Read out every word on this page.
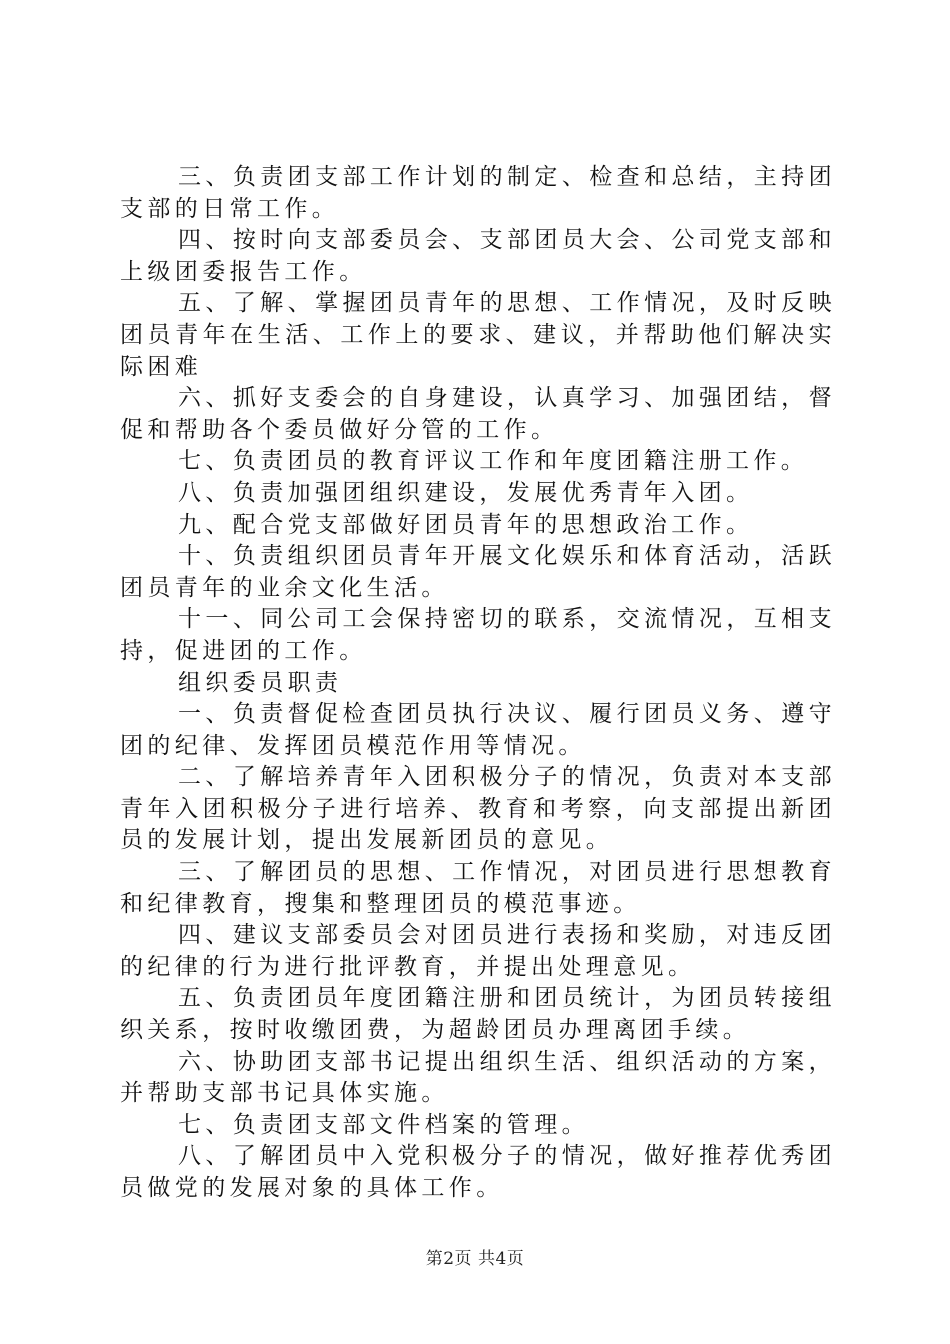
三、负责团支部工作计划的制定、检查和总结，主持团支部的日常工作。

四、按时向支部委员会、支部团员大会、公司党支部和上级团委报告工作。

五、了解、掌握团员青年的思想、工作情况，及时反映团员青年在生活、工作上的要求、建议，并帮助他们解决实际困难

六、抓好支委会的自身建设，认真学习、加强团结，督促和帮助各个委员做好分管的工作。

七、负责团员的教育评议工作和年度团籍注册工作。

八、负责加强团组织建设，发展优秀青年入团。

九、配合党支部做好团员青年的思想政治工作。

十、负责组织团员青年开展文化娱乐和体育活动，活跃团员青年的业余文化生活。

十一、同公司工会保持密切的联系，交流情况，互相支持，促进团的工作。

组织委员职责

一、负责督促检查团员执行决议、履行团员义务、遵守团的纪律、发挥团员模范作用等情况。

二、了解培养青年入团积极分子的情况，负责对本支部青年入团积极分子进行培养、教育和考察，向支部提出新团员的发展计划，提出发展新团员的意见。

三、了解团员的思想、工作情况，对团员进行思想教育和纪律教育，搜集和整理团员的模范事迹。

四、建议支部委员会对团员进行表扬和奖励，对违反团的纪律的行为进行批评教育，并提出处理意见。

五、负责团员年度团籍注册和团员统计，为团员转接组织关系，按时收缴团费，为超龄团员办理离团手续。

六、协助团支部书记提出组织生活、组织活动的方案，并帮助支部书记具体实施。

七、负责团支部文件档案的管理。

八、了解团员中入党积极分子的情况，做好推荐优秀团员做党的发展对象的具体工作。

第2页 共4页
